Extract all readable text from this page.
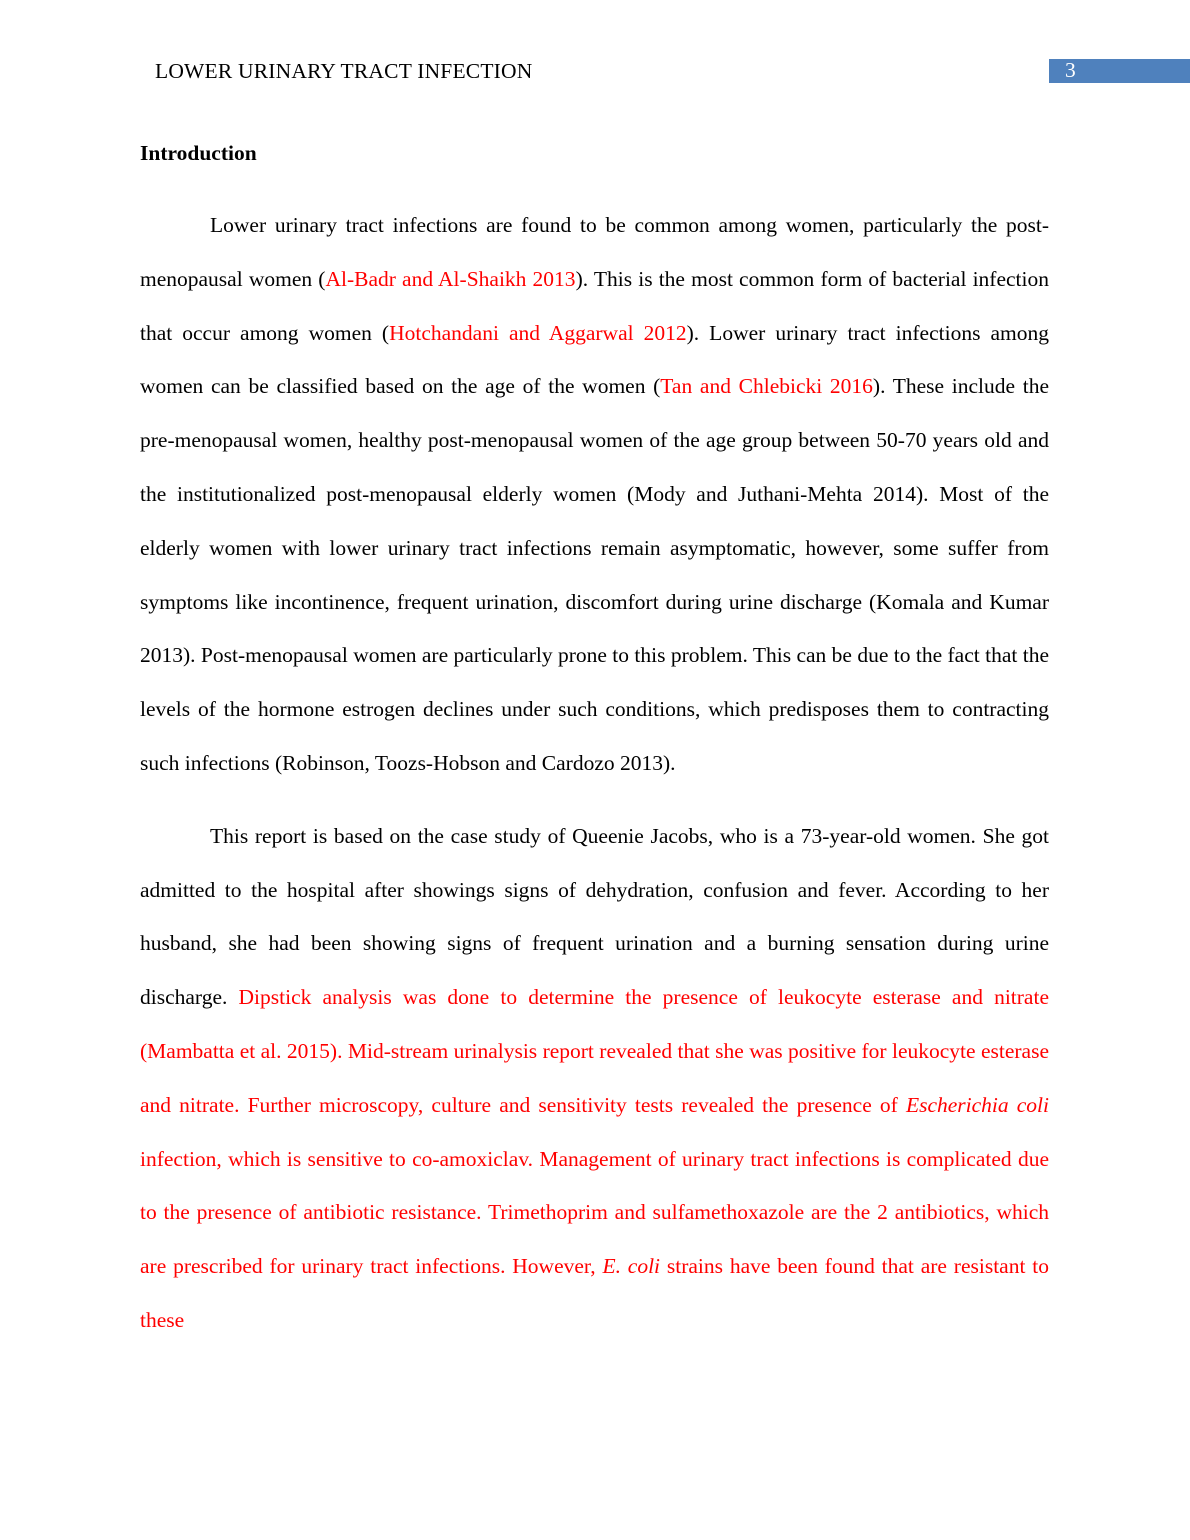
LOWER URINARY TRACT INFECTION	3
Introduction

Lower urinary tract infections are found to be common among women, particularly the post-menopausal women (Al-Badr and Al-Shaikh 2013). This is the most common form of bacterial infection that occur among women (Hotchandani and Aggarwal 2012). Lower urinary tract infections among women can be classified based on the age of the women (Tan and Chlebicki 2016). These include the pre-menopausal women, healthy post-menopausal women of the age group between 50-70 years old and the institutionalized post-menopausal elderly women (Mody and Juthani-Mehta 2014). Most of the elderly women with lower urinary tract infections remain asymptomatic, however, some suffer from symptoms like incontinence, frequent urination, discomfort during urine discharge (Komala and Kumar 2013). Post-menopausal women are particularly prone to this problem. This can be due to the fact that the levels of the hormone estrogen declines under such conditions, which predisposes them to contracting such infections (Robinson, Toozs-Hobson and Cardozo 2013).

This report is based on the case study of Queenie Jacobs, who is a 73-year-old women. She got admitted to the hospital after showings signs of dehydration, confusion and fever. According to her husband, she had been showing signs of frequent urination and a burning sensation during urine discharge. Dipstick analysis was done to determine the presence of leukocyte esterase and nitrate (Mambatta et al. 2015). Mid-stream urinalysis report revealed that she was positive for leukocyte esterase and nitrate. Further microscopy, culture and sensitivity tests revealed the presence of Escherichia coli infection, which is sensitive to co-amoxiclav. Management of urinary tract infections is complicated due to the presence of antibiotic resistance. Trimethoprim and sulfamethoxazole are the 2 antibiotics, which are prescribed for urinary tract infections. However, E. coli strains have been found that are resistant to these
